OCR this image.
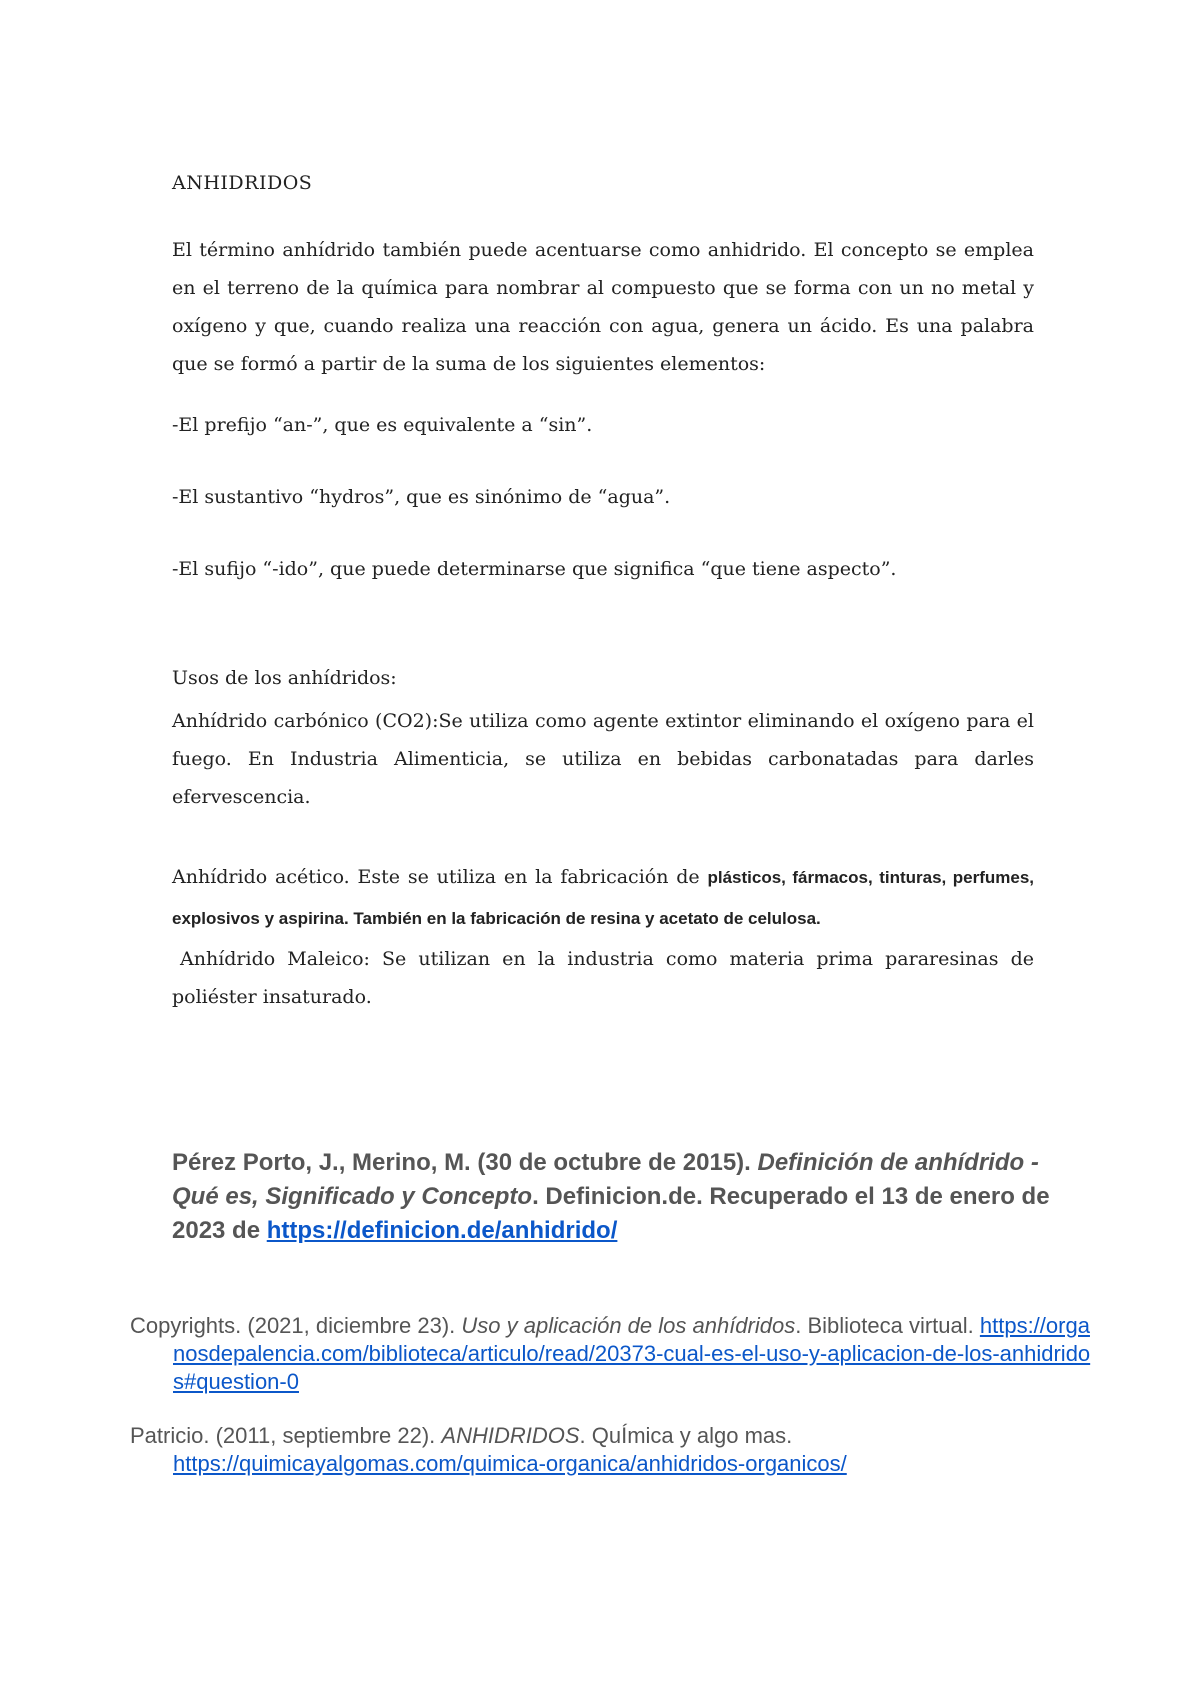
ANHIDRIDOS

El término anhídrido también puede acentuarse como anhidrido. El concepto se emplea en el terreno de la química para nombrar al compuesto que se forma con un no metal y oxígeno y que, cuando realiza una reacción con agua, genera un ácido. Es una palabra que se formó a partir de la suma de los siguientes elementos:

-El prefijo “an-”, que es equivalente a “sin”.

-El sustantivo “hydros”, que es sinónimo de “agua”.

-El sufijo “-ido”, que puede determinarse que significa “que tiene aspecto”.

Usos de los anhídridos:

Anhídrido carbónico (CO2):Se utiliza como agente extintor eliminando el oxígeno para el fuego. En Industria Alimenticia, se utiliza en bebidas carbonatadas para darles efervescencia.

Anhídrido acético. Este se utiliza en la fabricación de plásticos, fármacos, tinturas, perfumes, explosivos y aspirina. También en la fabricación de resina y acetato de celulosa.

Anhídrido Maleico: Se utilizan en la industria como materia prima pararesinas de poliéster insaturado.

Pérez Porto, J., Merino, M. (30 de octubre de 2015). Definición de anhídrido - Qué es, Significado y Concepto. Definicion.de. Recuperado el 13 de enero de 2023 de https://definicion.de/anhidrido/

Copyrights. (2021, diciembre 23). Uso y aplicación de los anhídridos. Biblioteca virtual. https://organosdepalencia.com/biblioteca/articulo/read/20373-cual-es-el-uso-y-aplicacion-de-los-anhidridos#question-0

Patricio. (2011, septiembre 22). ANHIDRIDOS. QuÍmica y algo mas. https://quimicayalgomas.com/quimica-organica/anhidridos-organicos/
